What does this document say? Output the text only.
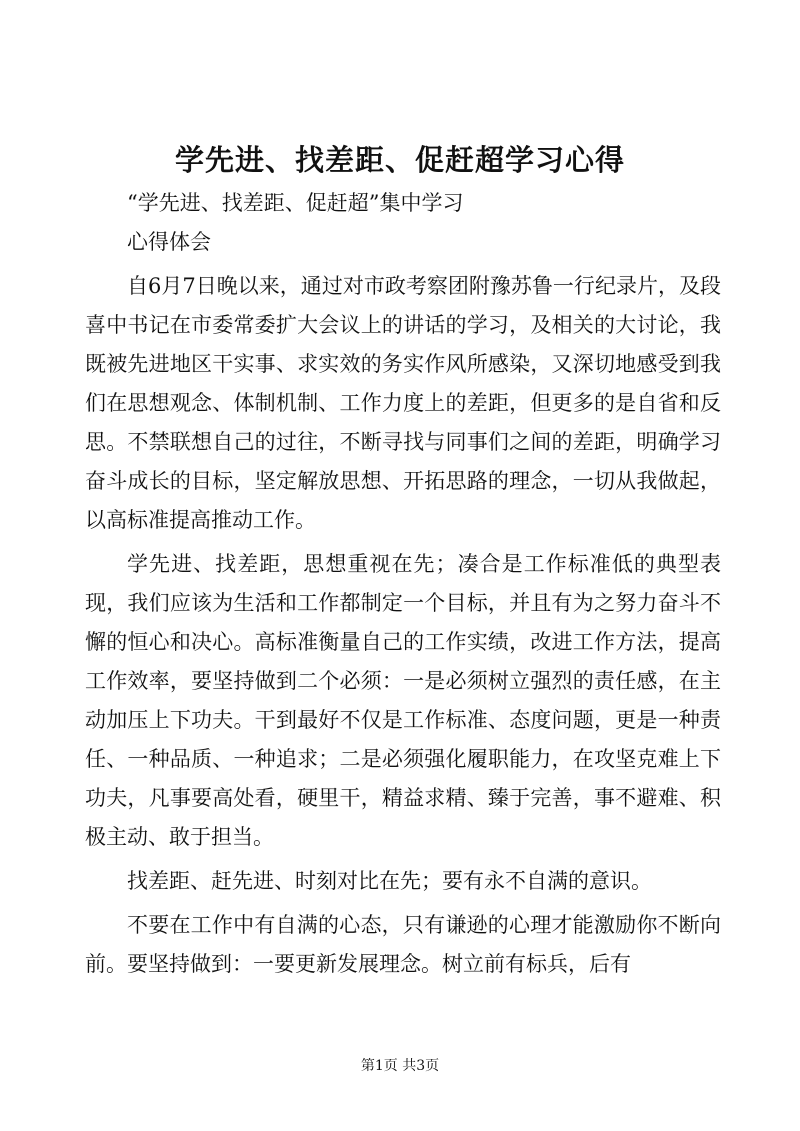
学先进、找差距、促赶超学习心得

“学先进、找差距、促赶超”集中学习

心得体会

自6月7日晚以来，通过对市政考察团附豫苏鲁一行纪录片，及段喜中书记在市委常委扩大会议上的讲话的学习，及相关的大讨论，我既被先进地区干实事、求实效的务实作风所感染，又深切地感受到我们在思想观念、体制机制、工作力度上的差距，但更多的是自省和反思。不禁联想自己的过往，不断寻找与同事们之间的差距，明确学习奋斗成长的目标，坚定解放思想、开拓思路的理念，一切从我做起，以高标准提高推动工作。

学先进、找差距，思想重视在先；凑合是工作标准低的典型表现，我们应该为生活和工作都制定一个目标，并且有为之努力奋斗不懈的恒心和决心。高标准衡量自己的工作实绩，改进工作方法，提高工作效率，要坚持做到二个必须：一是必须树立强烈的责任感，在主动加压上下功夫。干到最好不仅是工作标准、态度问题，更是一种责任、一种品质、一种追求；二是必须强化履职能力，在攻坚克难上下功夫，凡事要高处看，硬里干，精益求精、臻于完善，事不避难、积极主动、敢于担当。

找差距、赶先进、时刻对比在先；要有永不自满的意识。

不要在工作中有自满的心态，只有谦逊的心理才能激励你不断向前。要坚持做到：一要更新发展理念。树立前有标兵，后有

第1页 共3页
